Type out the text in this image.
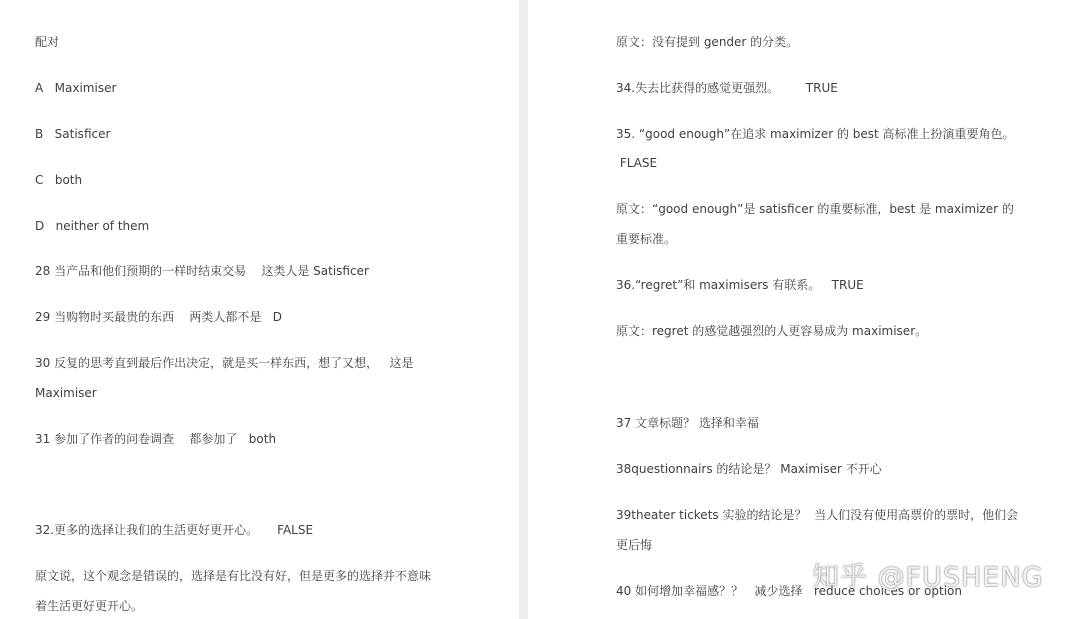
配对
A   Maximiser
B   Satisficer
C   both
D   neither of them
28 当产品和他们预期的一样时结束交易    这类人是 Satisficer
29 当购物时买最贵的东西    两类人都不是   D
30 反复的思考直到最后作出决定，就是买一样东西，想了又想，   这是
Maximiser
31 参加了作者的问卷调查    都参加了   both
32.更多的选择让我们的生活更好更开心。     FALSE
原文说，这个观念是错误的，选择是有比没有好，但是更多的选择并不意味
着生活更好更开心。
原文：没有提到 gender 的分类。
34.失去比获得的感觉更强烈。       TRUE
35. “good enough”在追求 maximizer 的 best 高标准上扮演重要角色。
FLASE
原文：“good enough”是 satisficer 的重要标准，best 是 maximizer 的
重要标准。
36.“regret”和 maximisers 有联系。   TRUE
原文：regret 的感觉越强烈的人更容易成为 maximiser。
37 文章标题？ 选择和幸福
38questionnairs 的结论是？ Maximiser 不开心
39theater tickets 实验的结论是？  当人们没有使用高票价的票时，他们会
更后悔
40 如何增加幸福感？？   减少选择   reduce choices or option
知乎 @FUSHENG
